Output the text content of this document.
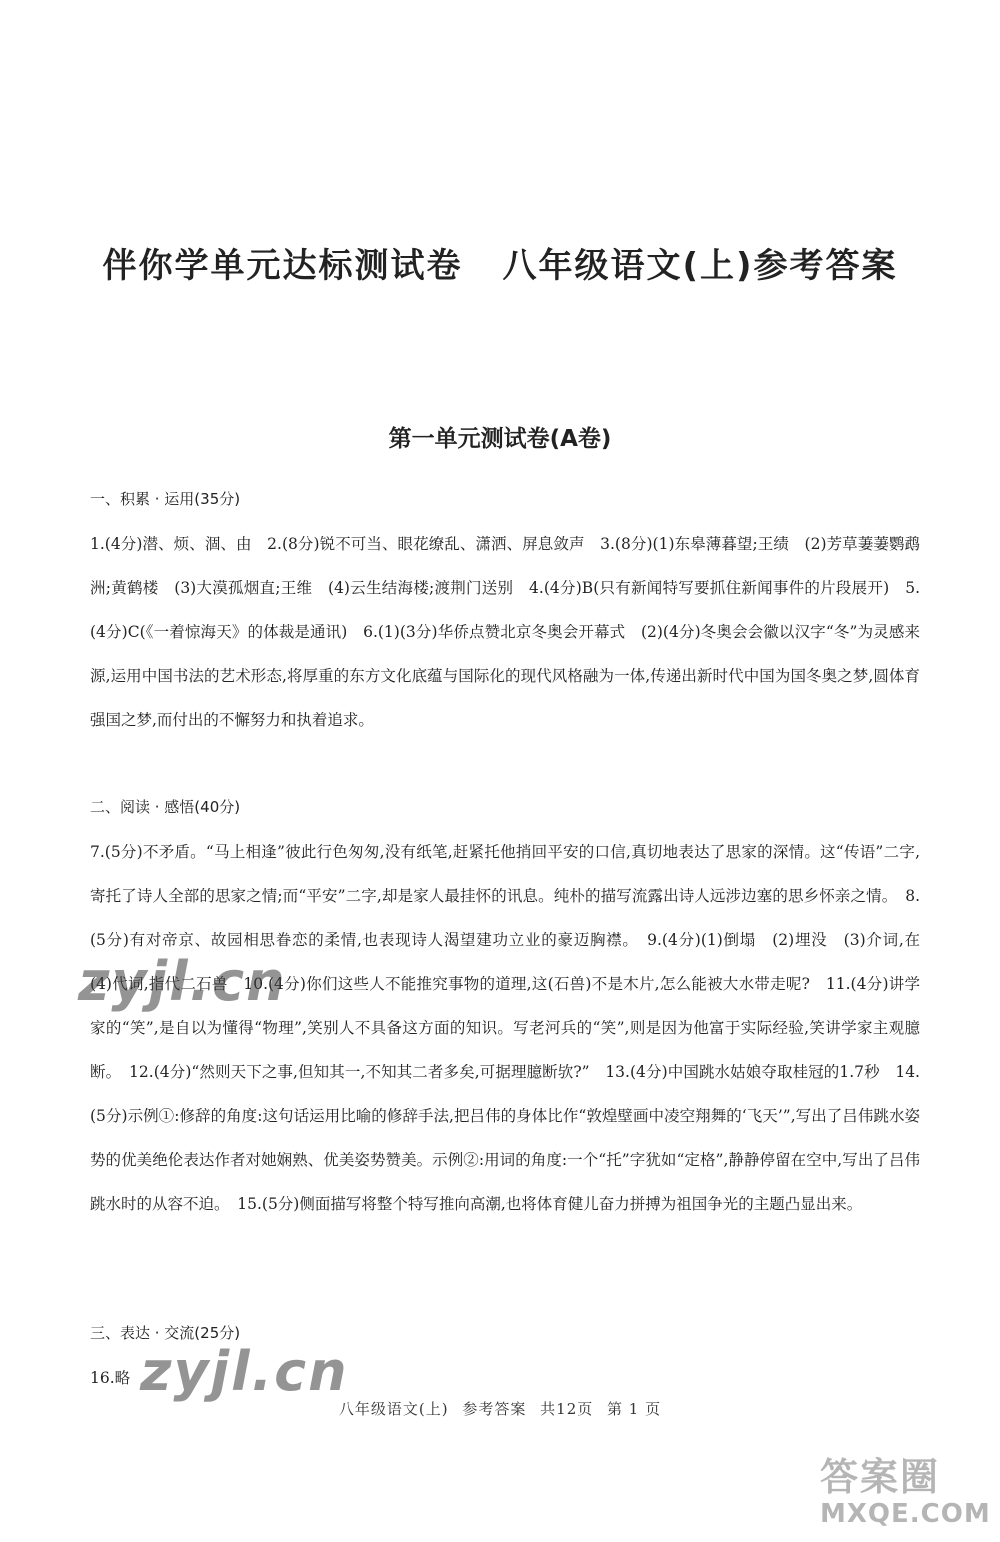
伴你学单元达标测试卷 八年级语文(上)参考答案
第一单元测试卷(A卷)
一、积累 · 运用(35分)
1.(4分)潜、烦、涸、由　2.(8分)锐不可当、眼花缭乱、潇洒、屏息敛声　3.(8分)(1)东皋薄暮望;王绩　(2)芳草萋萋鹦鹉洲;黄鹤楼　(3)大漠孤烟直;王维　(4)云生结海楼;渡荆门送别　4.(4分)B(只有新闻特写要抓住新闻事件的片段展开)　5.(4分)C(《一着惊海天》的体裁是通讯)　6.(1)(3分)华侨点赞北京冬奥会开幕式　(2)(4分)冬奥会会徽以汉字“冬”为灵感来源,运用中国书法的艺术形态,将厚重的东方文化底蕴与国际化的现代风格融为一体,传递出新时代中国为国冬奥之梦,圆体育强国之梦,而付出的不懈努力和执着追求。
二、阅读 · 感悟(40分)
7.(5分)不矛盾。“马上相逢”彼此行色匆匆,没有纸笔,赶紧托他捎回平安的口信,真切地表达了思家的深情。这“传语”二字,寄托了诗人全部的思家之情;而“平安”二字,却是家人最挂怀的讯息。纯朴的描写流露出诗人远涉边塞的思乡怀亲之情。　8.(5分)有对帝京、故园相思眷恋的柔情,也表现诗人渴望建功立业的豪迈胸襟。　9.(4分)(1)倒塌　(2)埋没　(3)介词,在　(4)代词,指代二石兽　10.(4分)你们这些人不能推究事物的道理,这(石兽)不是木片,怎么能被大水带走呢?　11.(4分)讲学家的“笑”,是自以为懂得“物理”,笑别人不具备这方面的知识。写老河兵的“笑”,则是因为他富于实际经验,笑讲学家主观臆断。　12.(4分)“然则天下之事,但知其一,不知其二者多矣,可据理臆断欤?”　13.(4分)中国跳水姑娘夺取桂冠的1.7秒　14.(5分)示例①:修辞的角度:这句话运用比喻的修辞手法,把吕伟的身体比作“敦煌壁画中凌空翔舞的‘飞天’”,写出了吕伟跳水姿势的优美绝伦表达作者对她娴熟、优美姿势赞美。示例②:用词的角度:一个“托”字犹如“定格”,静静停留在空中,写出了吕伟跳水时的从容不迫。　15.(5分)侧面描写将整个特写推向高潮,也将体育健儿奋力拼搏为祖国争光的主题凸显出来。
三、表达 · 交流(25分)
16.略
八年级语文(上) 参考答案 共12页 第 1 页
zyjl.cn
zyjl.cn
答案圈
MXQE.COM
